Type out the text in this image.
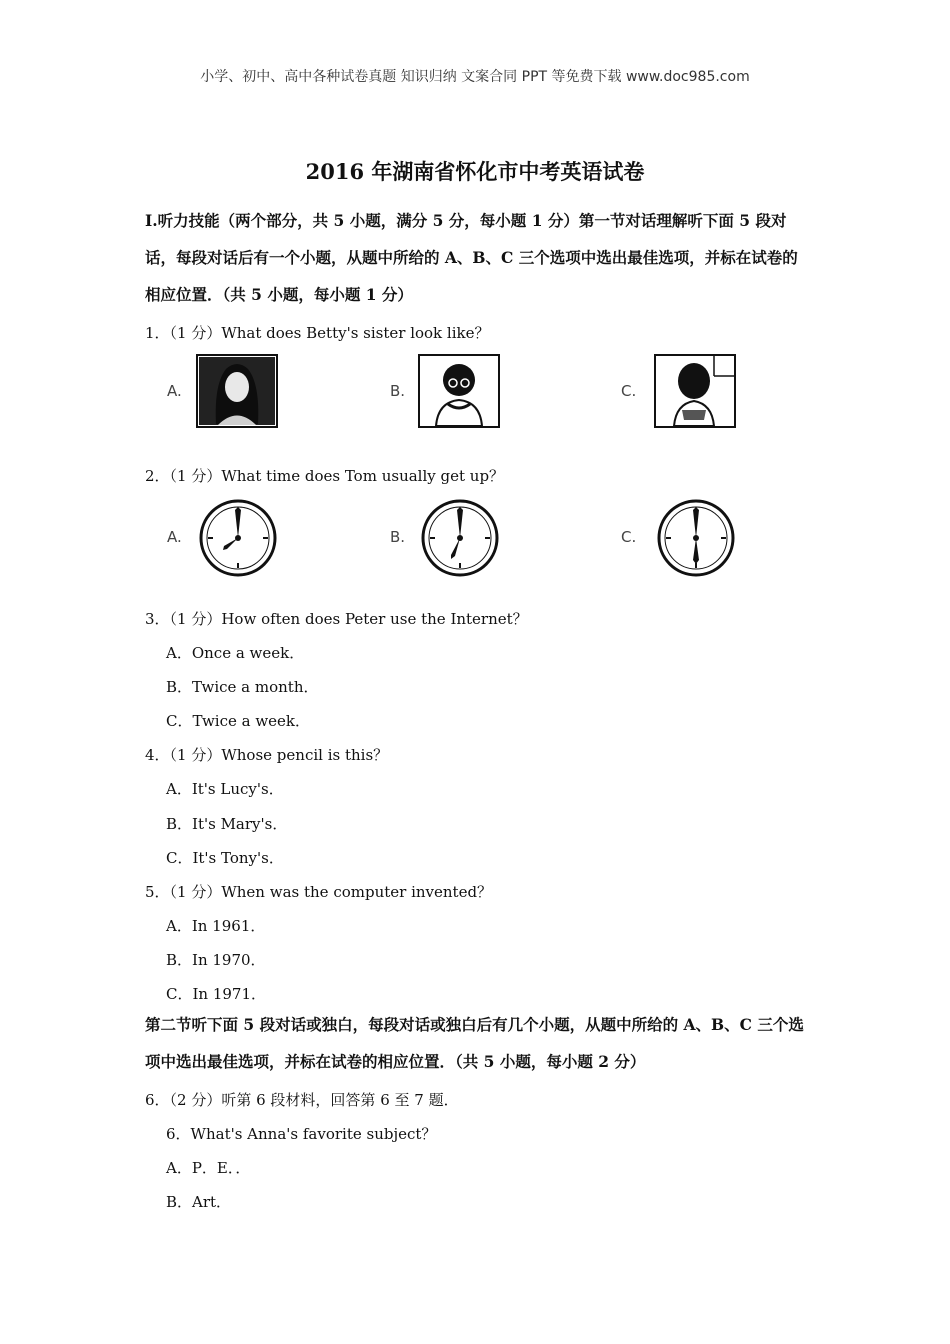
小学、初中、高中各种试卷真题 知识归纳 文案合同 PPT 等免费下载 www.doc985.com
2016 年湖南省怀化市中考英语试卷
Ⅰ.听力技能（两个部分，共 5 小题，满分 5 分，每小题 1 分）第一节对话理解听下面 5 段对话，每段对话后有一个小题，从题中所给的 A、B、C 三个选项中选出最佳选项，并标在试卷的相应位置．（共 5 小题，每小题 1 分）
1．（1 分）What does Betty's sister look like？
A.	B.	C.
2．（1 分）What time does Tom usually get up？
A.	B.	C.
3．（1 分）How often does Peter use the Internet？
A．Once a week．
B．Twice a month．
C．Twice a week．
4．（1 分）Whose pencil is this？
A．It's Lucy's．
B．It's Mary's．
C．It's Tony's．
5．（1 分）When was the computer invented？
A．In 1961．
B．In 1970．
C．In 1971．
第二节听下面 5 段对话或独白，每段对话或独白后有几个小题，从题中所给的 A、B、C 三个选项中选出最佳选项，并标在试卷的相应位置．（共 5 小题，每小题 2 分）
6．（2 分）听第 6 段材料，回答第 6 至 7 题．
6．What's Anna's favorite subject？
A．P．E．．
B．Art．
